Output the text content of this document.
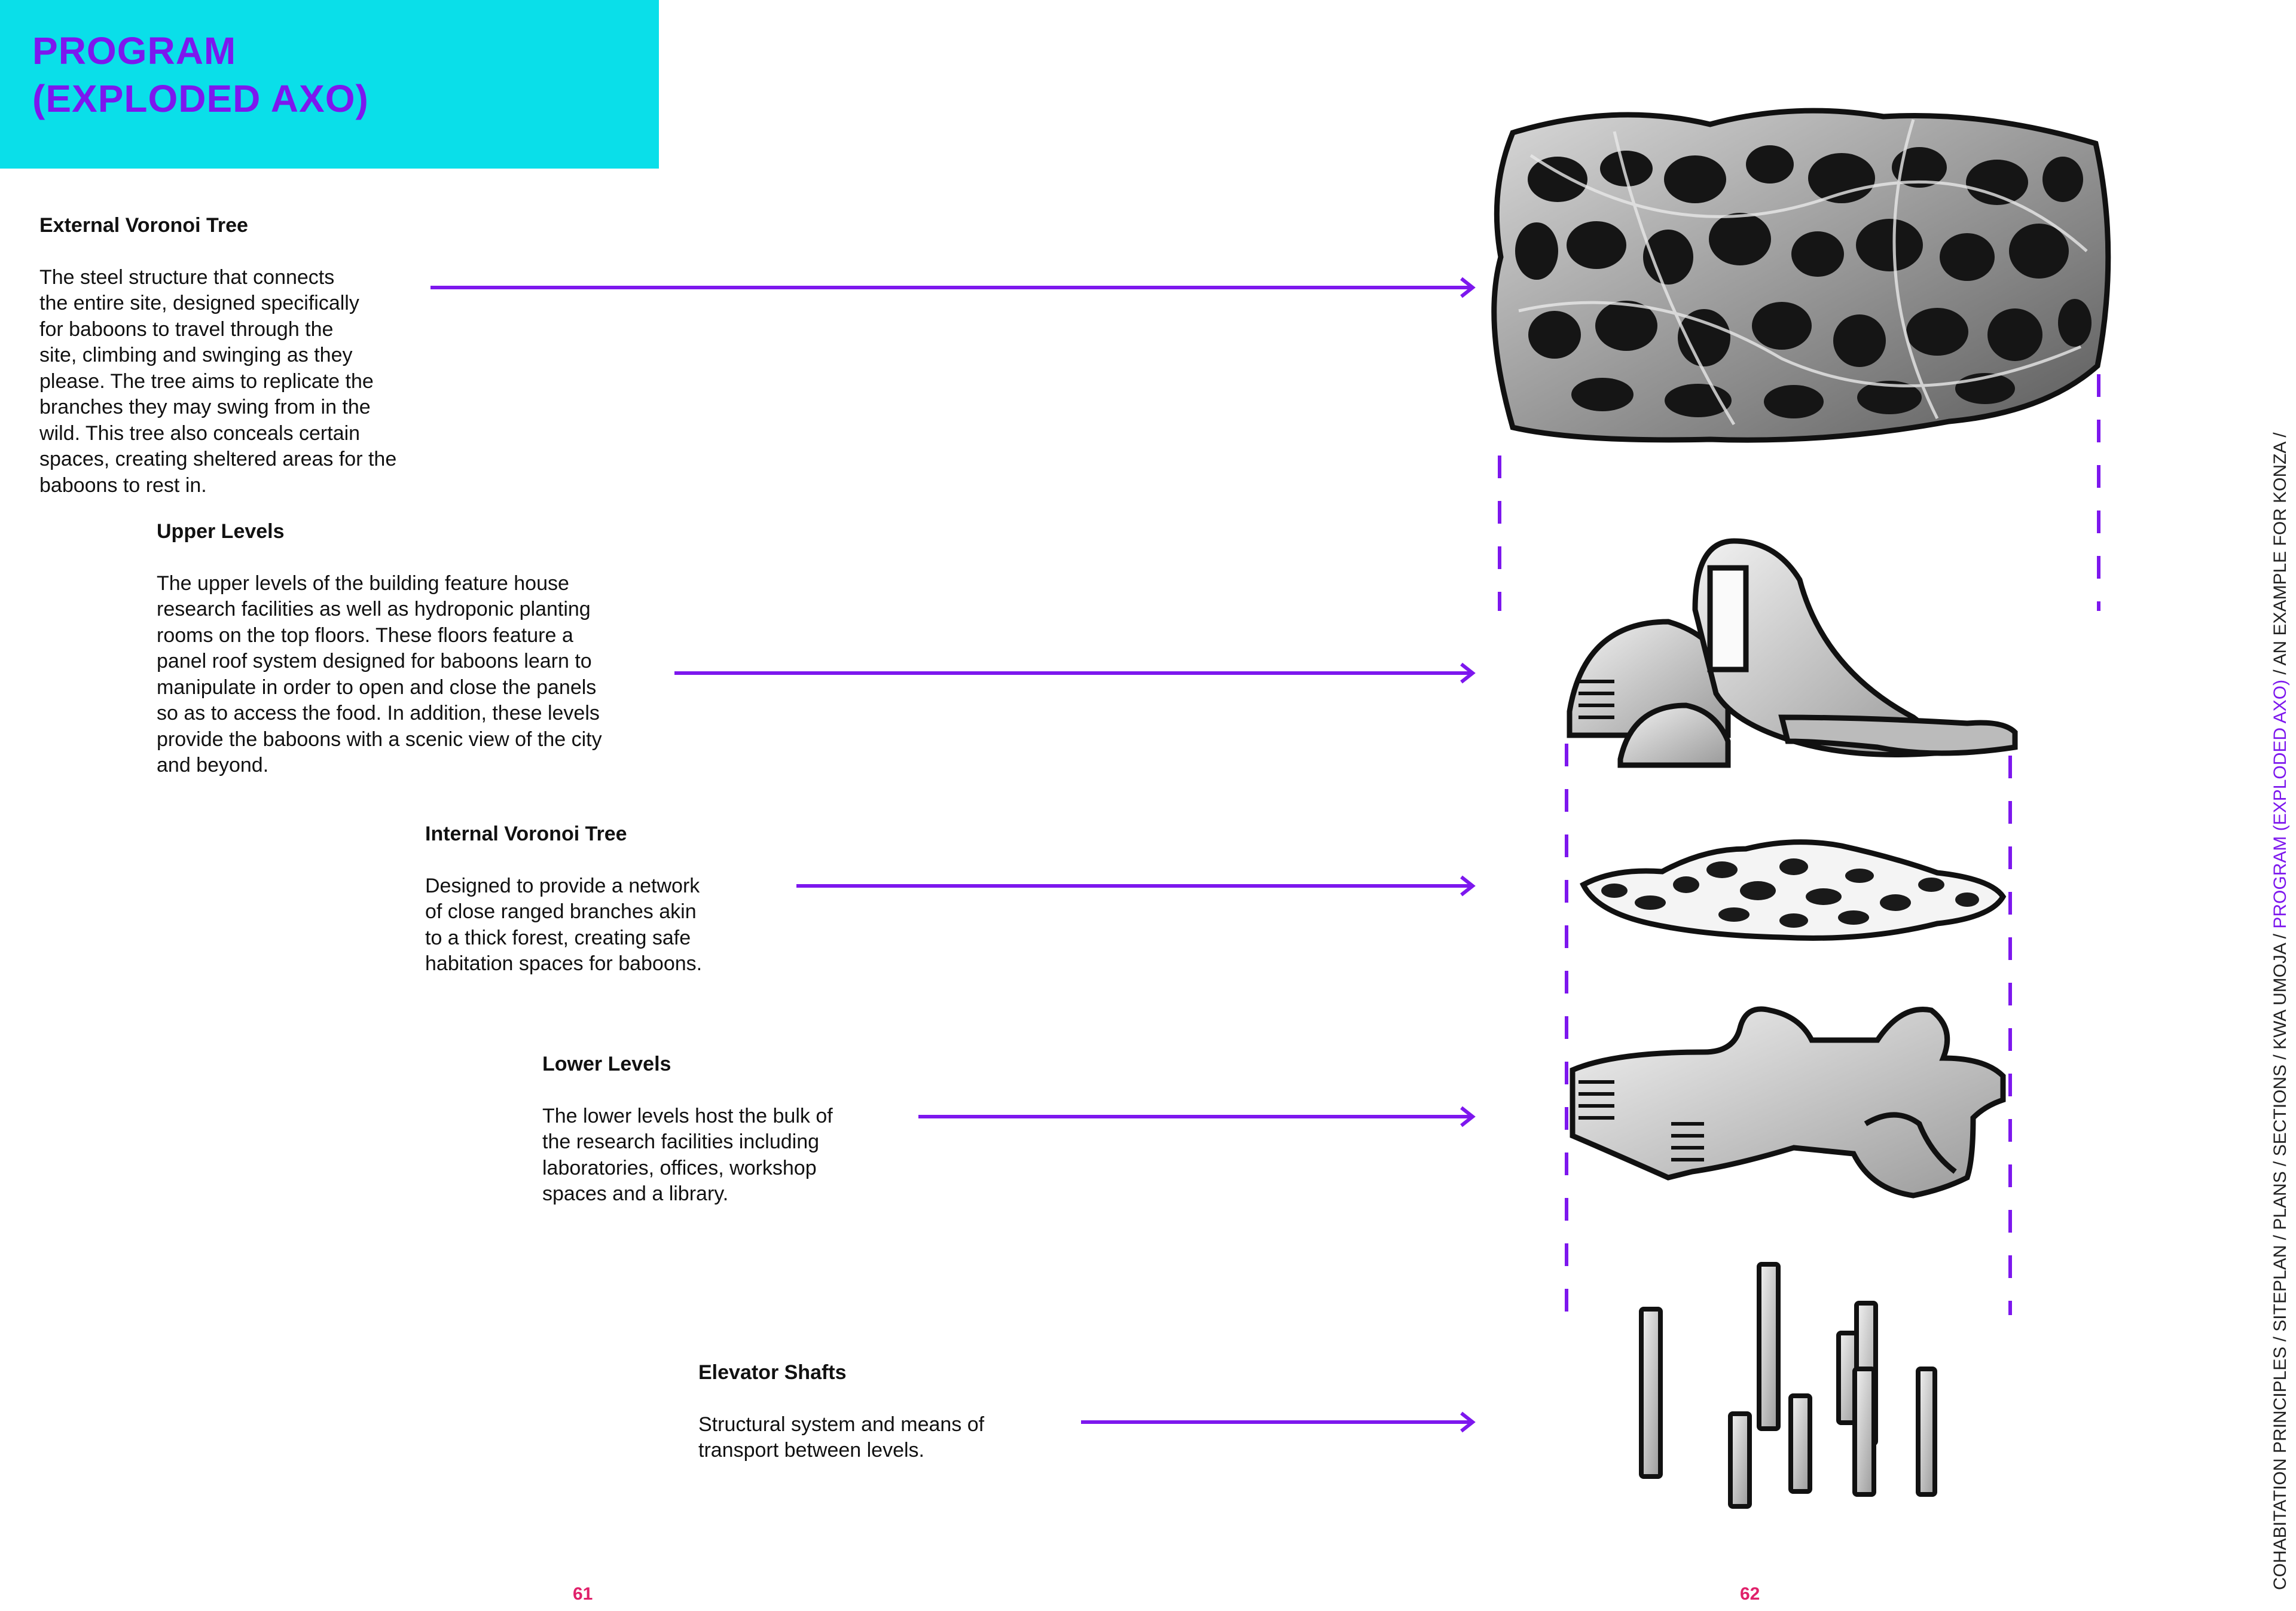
PROGRAM
(EXPLODED AXO)
External Voronoi Tree
The steel structure that connects
the entire site, designed specifically
for baboons to travel through the
site, climbing and swinging as they
please. The tree aims to replicate the
branches they may swing from in the
wild. This tree also conceals certain
spaces, creating sheltered areas for the
baboons to rest in.
Upper Levels
The upper levels of the building feature house
research facilities as well as hydroponic planting
rooms on the top floors. These floors feature a
panel roof system designed for baboons learn to
manipulate in order to open and close the panels
so as to access the food. In addition, these levels
provide the baboons with a scenic view of the city
and beyond.
Internal Voronoi Tree
Designed to provide a network
of close ranged branches akin
to a thick forest, creating safe
habitation spaces for baboons.
Lower Levels
The lower levels host the bulk of
the research facilities including
laboratories, offices, workshop
spaces and a library.
Elevator Shafts
Structural system and means of
transport between levels.
61	62
COHABITATION PRINCIPLES / SITEPLAN / PLANS / SECTIONS / KWA UMOJA / PROGRAM (EXPLODED AXO) / AN EXAMPLE FOR KONZA /
